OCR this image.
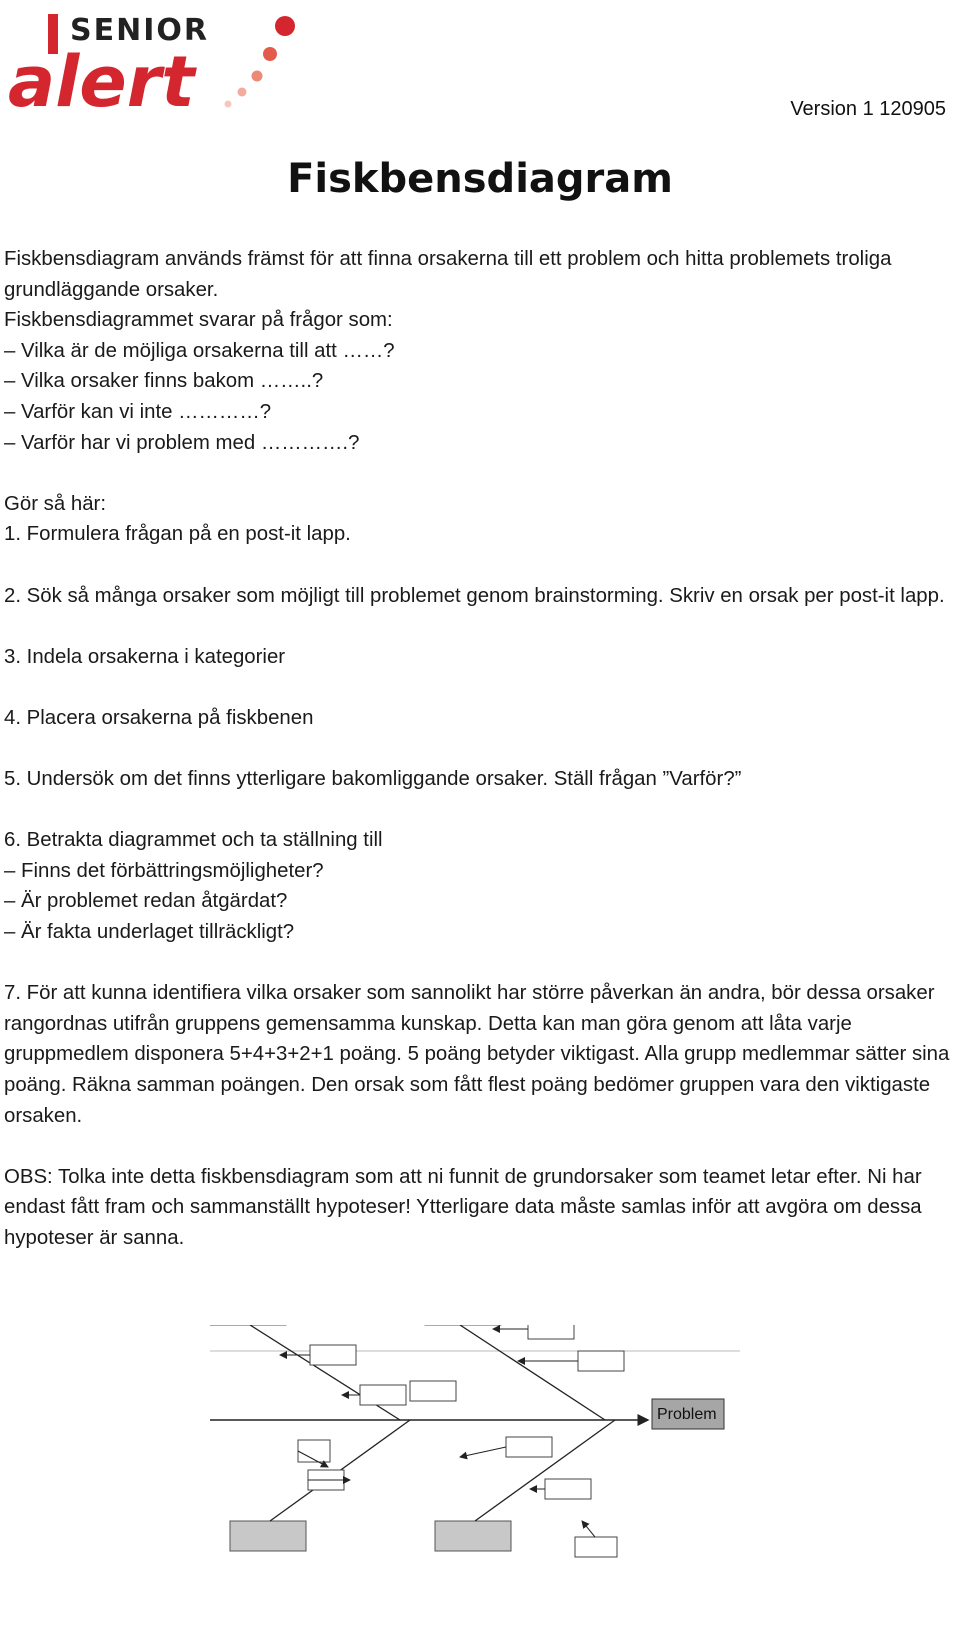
SENIOR
alert	Version 1 120905
Fiskbensdiagram

Fiskbensdiagram används främst för att finna orsakerna till ett problem och hitta problemets troliga grundläggande orsaker.

Fiskbensdiagrammet svarar på frågor som:

– Vilka är de möjliga orsakerna till att ……?

– Vilka orsaker finns bakom ……..?

– Varför kan vi inte …………?

– Varför har vi problem med ………….?

Gör så här:

1. Formulera frågan på en post-it lapp.

2. Sök så många orsaker som möjligt till problemet genom brainstorming. Skriv en orsak per post-it lapp.

3. Indela orsakerna i kategorier

4. Placera orsakerna på fiskbenen

5. Undersök om det finns ytterligare bakomliggande orsaker. Ställ frågan ”Varför?”

6. Betrakta diagrammet och ta ställning till

– Finns det förbättringsmöjligheter?

– Är problemet redan åtgärdat?

– Är fakta underlaget tillräckligt?

7. För att kunna identifiera vilka orsaker som sannolikt har större påverkan än andra, bör dessa orsaker rangordnas utifrån gruppens gemensamma kunskap. Detta kan man göra genom att låta varje gruppmedlem disponera 5+4+3+2+1 poäng. 5 poäng betyder viktigast. Alla grupp medlemmar sätter sina poäng. Räkna samman poängen. Den orsak som fått flest poäng bedömer gruppen vara den viktigaste orsaken.

OBS: Tolka inte detta fiskbensdiagram som att ni funnit de grundorsaker som teamet letar efter. Ni har endast fått fram och sammanställt hypoteser! Ytterligare data måste samlas inför att avgöra om dessa hypoteser är sanna.

Problem
